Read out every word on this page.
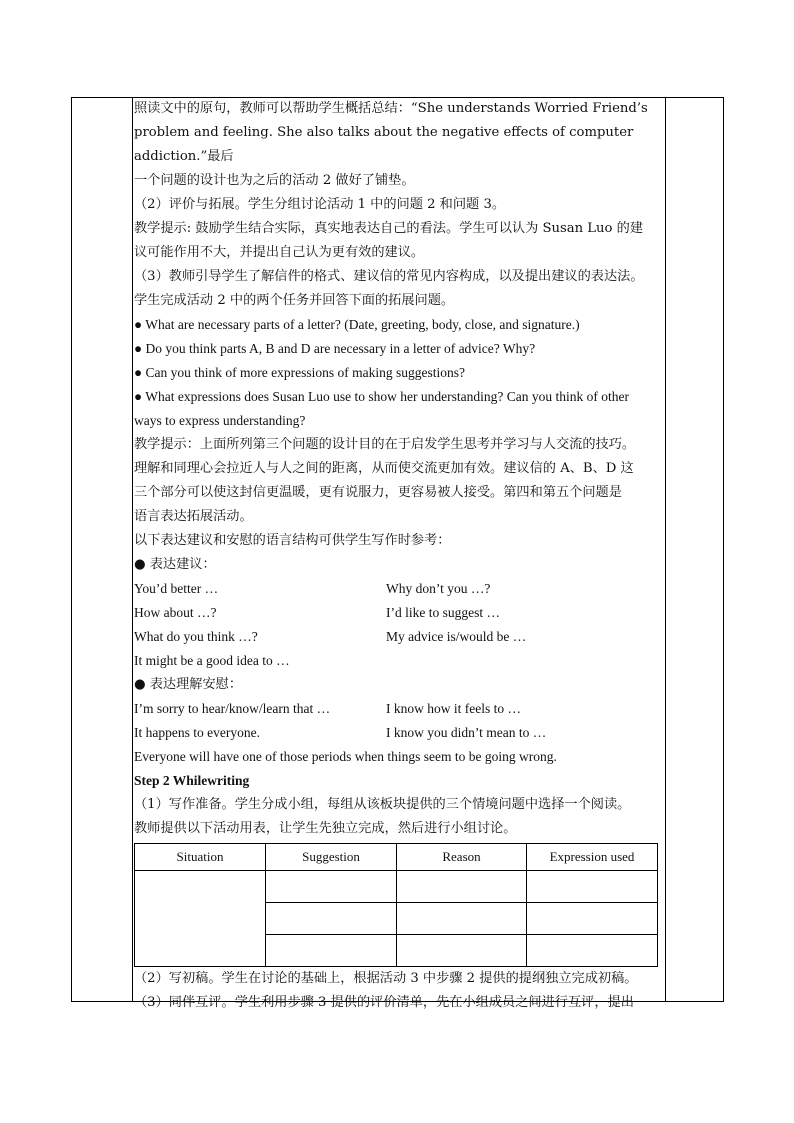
照读文中的原句，教师可以帮助学生概括总结：“She understands Worried Friend’s

problem and feeling. She also talks about the negative effects of computer addiction.”最后

一个问题的设计也为之后的活动 2 做好了铺垫。

（2）评价与拓展。学生分组讨论活动 1 中的问题 2 和问题 3。

教学提示: 鼓励学生结合实际，真实地表达自己的看法。学生可以认为 Susan Luo 的建

议可能作用不大，并提出自己认为更有效的建议。

（3）教师引导学生了解信件的格式、建议信的常见内容构成，以及提出建议的表达法。

学生完成活动 2 中的两个任务并回答下面的拓展问题。

● What are necessary parts of a letter? (Date, greeting, body, close, and signature.)

● Do you think parts A, B and D are necessary in a letter of advice? Why?

● Can you think of more expressions of making suggestions?

● What expressions does Susan Luo use to show her understanding? Can you think of other

ways to express understanding?

教学提示：上面所列第三个问题的设计目的在于启发学生思考并学习与人交流的技巧。

理解和同理心会拉近人与人之间的距离，从而使交流更加有效。建议信的 A、B、D 这

三个部分可以使这封信更温暖，更有说服力，更容易被人接受。第四和第五个问题是

语言表达拓展活动。

以下表达建议和安慰的语言结构可供学生写作时参考：

● 表达建议：

You’d better …	Why don’t you …?
How about …?	I’d like to suggest …
What do you think …?	My advice is/would be …
It might be a good idea to …

● 表达理解安慰：

I’m sorry to hear/know/learn that …	I know how it feels to …
It happens to everyone.	I know you didn’t mean to …

Everyone will have one of those periods when things seem to be going wrong.

Step 2 Whilewriting

（1）写作准备。学生分成小组，每组从该板块提供的三个情境问题中选择一个阅读。

教师提供以下活动用表，让学生先独立完成，然后进行小组讨论。

Situation	Suggestion	Reason	Expression used

（2）写初稿。学生在讨论的基础上，根据活动 3 中步骤 2 提供的提纲独立完成初稿。

（3）同伴互评。学生利用步骤 3 提供的评价清单，先在小组成员之间进行互评，提出
